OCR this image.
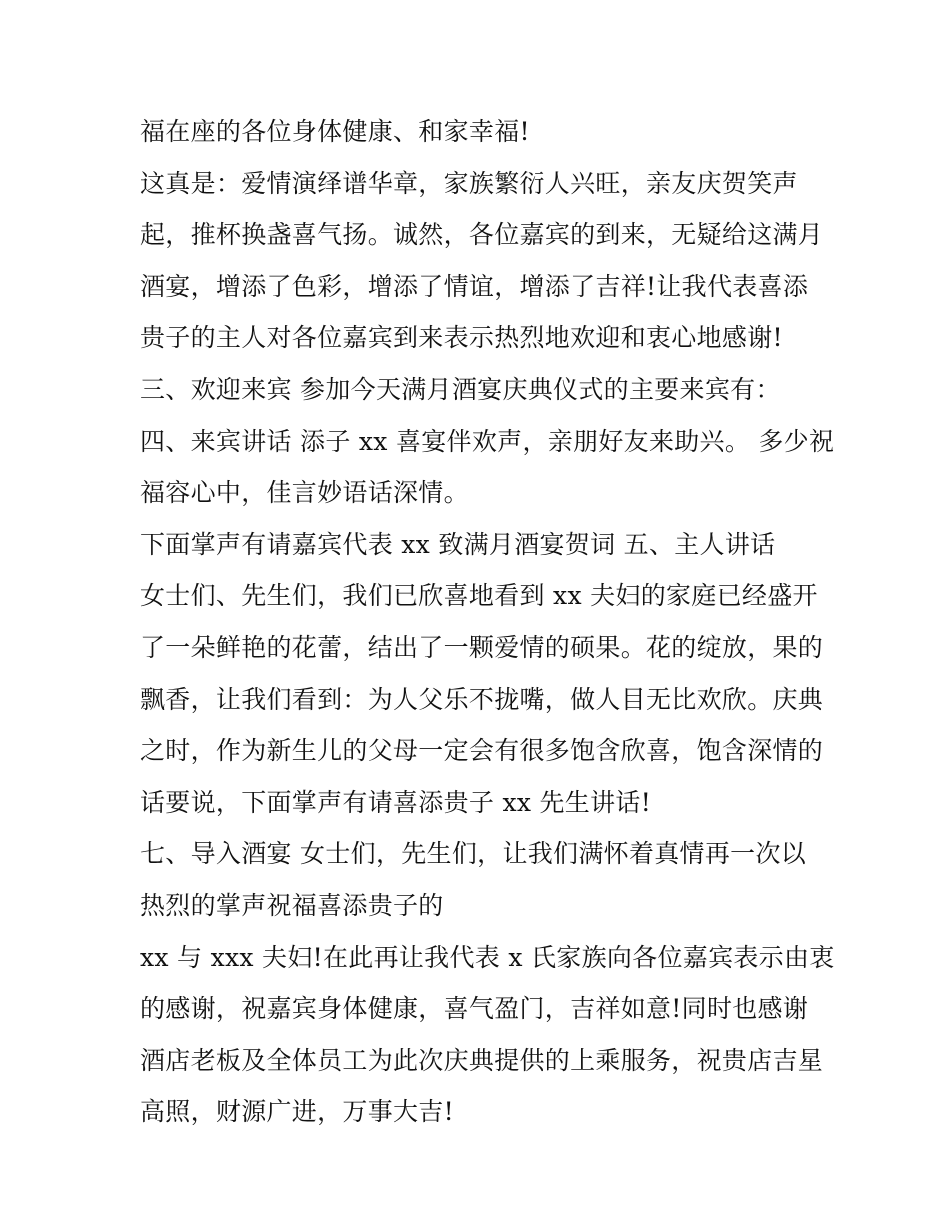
福在座的各位身体健康、和家幸福!
这真是：爱情演绎谱华章，家族繁衍人兴旺，亲友庆贺笑声
起，推杯换盏喜气扬。诚然，各位嘉宾的到来，无疑给这满月
酒宴，增添了色彩，增添了情谊，增添了吉祥!让我代表喜添
贵子的主人对各位嘉宾到来表示热烈地欢迎和衷心地感谢!
三、欢迎来宾 参加今天满月酒宴庆典仪式的主要来宾有：
四、来宾讲话 添子 xx 喜宴伴欢声，亲朋好友来助兴。 多少祝
福容心中，佳言妙语话深情。
下面掌声有请嘉宾代表 xx 致满月酒宴贺词 五、主人讲话
女士们、先生们，我们已欣喜地看到 xx 夫妇的家庭已经盛开
了一朵鲜艳的花蕾，结出了一颗爱情的硕果。花的绽放，果的
飘香，让我们看到：为人父乐不拢嘴，做人目无比欢欣。庆典
之时，作为新生儿的父母一定会有很多饱含欣喜，饱含深情的
话要说，下面掌声有请喜添贵子 xx 先生讲话!
七、导入酒宴 女士们，先生们，让我们满怀着真情再一次以
热烈的掌声祝福喜添贵子的
xx 与 xxx 夫妇!在此再让我代表 x 氏家族向各位嘉宾表示由衷
的感谢，祝嘉宾身体健康，喜气盈门，吉祥如意!同时也感谢
酒店老板及全体员工为此次庆典提供的上乘服务，祝贵店吉星
高照，财源广进，万事大吉!
